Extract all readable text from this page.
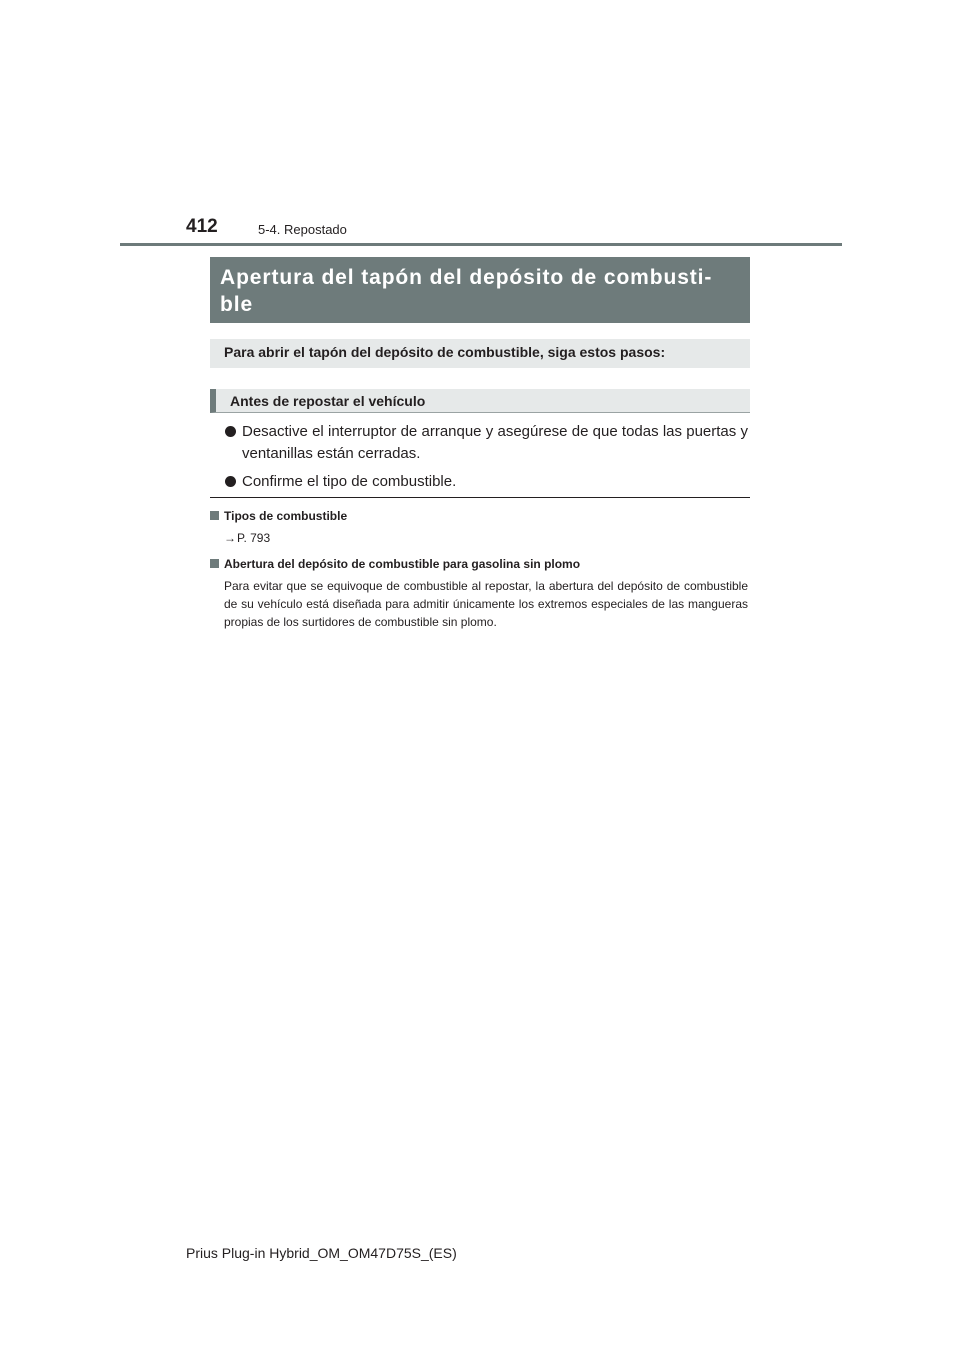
412	5-4. Repostado
Apertura del tapón del depósito de combusti-
ble
Para abrir el tapón del depósito de combustible, siga estos pasos:
Antes de repostar el vehículo
Desactive el interruptor de arranque y asegúrese de que todas las puertas y ventanillas están cerradas.
Confirme el tipo de combustible.
Tipos de combustible
→P. 793
Abertura del depósito de combustible para gasolina sin plomo
Para evitar que se equivoque de combustible al repostar, la abertura del depósito de combustible de su vehículo está diseñada para admitir únicamente los extremos especiales de las mangueras propias de los surtidores de combustible sin plomo.
Prius Plug-in Hybrid_OM_OM47D75S_(ES)
